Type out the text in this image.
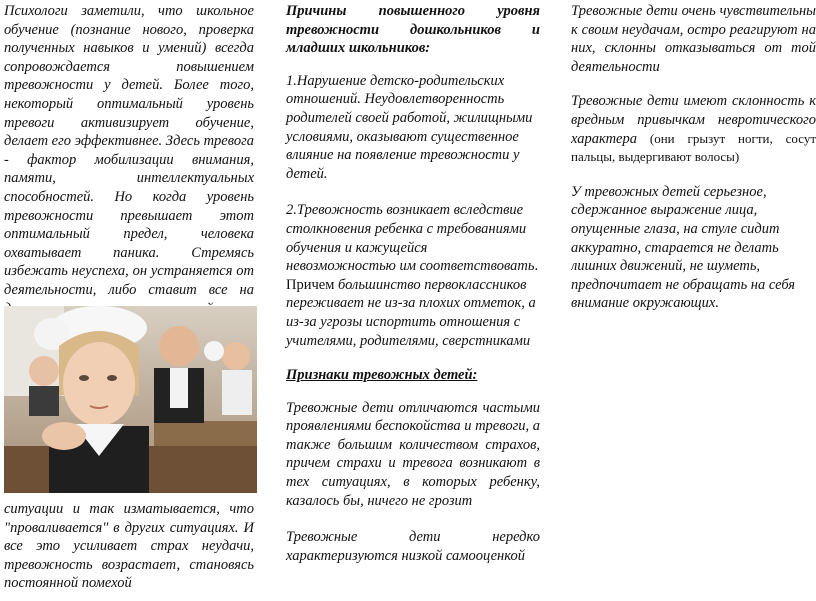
Психологи заметили, что школьное обучение (познание нового, проверка полученных навыков и умений) всегда сопровождается повышением тревожности у детей. Более того, некоторый оптимальный уровень тревоги активизирует обучение, делает его эффективнее. Здесь тревога - фактор мобилизации внимания, памяти, интеллектуальных способностей. Но когда уровень тревожности превышает этот оптимальный предел, человека охватывает паника. Стремясь избежать неуспеха, он устраняется от деятельности, либо ставит все на

ситуации и так изматывается, что "проваливается" в других ситуациях. И все это усиливает страх неудачи, тревожность возрастает, становясь постоянной помехой

Причины повышенного уровня тревожности дошкольников и младших школьников:

1.Нарушение детско-родительских отношений. Неудовлетворенность родителей своей работой, жилищными условиями, оказывают существенное влияние на появление тревожности у детей.

2.Тревожность возникает вследствие столкновения ребенка с требованиями обучения и кажущейся невозможностью им соответствовать. Причем большинство первоклассников переживает не из-за плохих отметок, а из-за угрозы испортить отношения с учителями, родителями, сверстниками

Признаки тревожных детей:

Тревожные дети отличаются частыми проявлениями беспокойства и тревоги, а также большим количеством страхов, причем страхи и тревога возникают в тех ситуациях, в которых ребенку, казалось бы, ничего не грозит

Тревожные дети нередко характеризуются низкой самооценкой

Тревожные дети очень чувствительны к своим неудачам, остро реагируют на них, склонны отказываться от той деятельности

Тревожные дети имеют склонность к вредным привычкам невротического характера (они грызут ногти, сосут пальцы, выдергивают волосы)

У тревожных детей серьезное, сдержанное выражение лица, опущенные глаза, на стуле сидит аккуратно, старается не делать лишних движений, не шуметь, предпочитает не обращать на себя внимание окружающих.
